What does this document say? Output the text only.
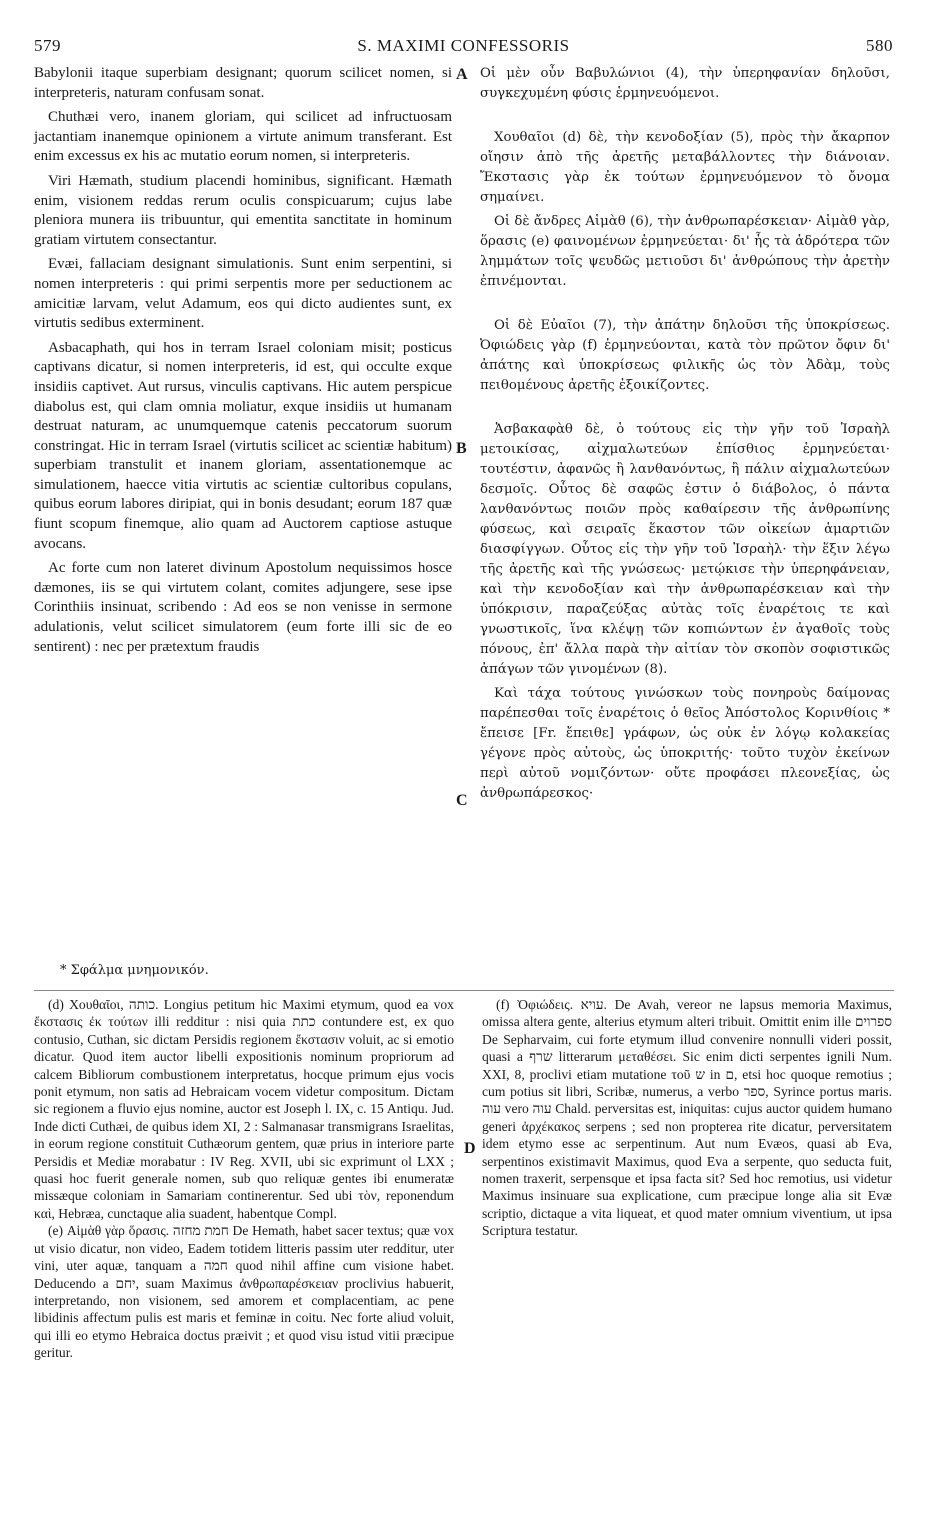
579	S. MAXIMI CONFESSORIS	580

Babylonii itaque superbiam designant; quorum scilicet nomen, si interpreteris, naturam confusam sonat.

Chuthæi vero, inanem gloriam, qui scilicet ad infructuosam jactantiam inanemque opinionem a virtute animum transferant. Est enim excessus ex his ac mutatio eorum nomen, si interpreteris.

Viri Hæmath, studium placendi hominibus, significant. Hæmath enim, visionem reddas rerum oculis conspicuarum; cujus labe pleniora munera iis tribuuntur, qui ementita sanctitate in hominum gratiam virtutem consectantur.

Evæi, fallaciam designant simulationis. Sunt enim serpentini, si nomen interpreteris : qui primi serpentis more per seductionem ac amicitiæ larvam, velut Adamum, eos qui dicto audientes sunt, ex virtutis sedibus exterminent.

Asbacaphath, qui hos in terram Israel coloniam misit; posticus captivans dicatur, si nomen interpreteris, id est, qui occulte exque insidiis captivet. Aut rursus, vinculis captivans. Hic autem perspicue diabolus est, qui clam omnia moliatur, exque insidiis ut humanam destruat naturam, ac unumquemque catenis peccatorum suorum constringat. Hic in terram Israel (virtutis scilicet ac scientiæ habitum) superbiam transtulit et inanem gloriam, assentationemque ac simulationem, haecce vitia virtutis ac scientiæ cultoribus copulans, quibus eorum labores diripiat, qui in bonis desudant; eorum 187 quæ fiunt scopum finemque, alio quam ad Auctorem captiose astuque avocans.

Ac forte cum non lateret divinum Apostolum nequissimos hosce dæmones, iis se qui virtutem colant, comites adjungere, sese ipse Corinthiis insinuat, scribendo : Ad eos se non venisse in sermone adulationis, velut scilicet simulatorem (eum forte illi sic de eo sentirent) : nec per prætextum fraudis

A
B
C
D

Οἱ μὲν οὖν Βαβυλώνιοι (4), τὴν ὑπερηφανίαν δηλοῦσι, συγκεχυμένη φύσις ἑρμηνευόμενοι.

Χουθαῖοι (d) δὲ, τὴν κενοδοξίαν (5), πρὸς τὴν ἄκαρπον οἴησιν ἀπὸ τῆς ἀρετῆς μεταβάλλοντες τὴν διάνοιαν. Ἔκστασις γὰρ ἐκ τούτων ἑρμηνευόμενον τὸ ὄνομα σημαίνει.

Οἱ δὲ ἄνδρες Αἱμὰθ (6), τὴν ἀνθρωπαρέσκειαν· Αἱμὰθ γὰρ, ὅρασις (e) φαινομένων ἑρμηνεύεται· δι' ἧς τὰ ἁδρότερα τῶν λημμάτων τοῖς ψευδῶς μετιοῦσι δι' ἀνθρώπους τὴν ἀρετὴν ἐπινέμονται.

Οἱ δὲ Εὐαῖοι (7), τὴν ἀπάτην δηλοῦσι τῆς ὑποκρίσεως. Ὀφιώδεις γὰρ (f) ἑρμηνεύονται, κατὰ τὸν πρῶτον ὄφιν δι' ἀπάτης καὶ ὑποκρίσεως φιλικῆς ὡς τὸν Ἀδὰμ, τοὺς πειθομένους ἀρετῆς ἐξοικίζοντες.

Ἀσβακαφὰθ δὲ, ὁ τούτους εἰς τὴν γῆν τοῦ Ἰσραὴλ μετοικίσας, αἰχμαλωτεύων ἐπίσθιος ἑρμηνεύεται· τουτέστιν, ἀφανῶς ἢ λανθανόντως, ἢ πάλιν αἰχμαλωτεύων δεσμοῖς. Οὗτος δὲ σαφῶς ἐστιν ὁ διάβολος, ὁ πάντα λανθανόντως ποιῶν πρὸς καθαίρεσιν τῆς ἀνθρωπίνης φύσεως, καὶ σειραῖς ἕκαστον τῶν οἰκείων ἁμαρτιῶν διασφίγγων. Οὗτος εἰς τὴν γῆν τοῦ Ἰσραὴλ· τὴν ἕξιν λέγω τῆς ἀρετῆς καὶ τῆς γνώσεως· μετῴκισε τὴν ὑπερηφάνειαν, καὶ τὴν κενοδοξίαν καὶ τὴν ἀνθρωπαρέσκειαν καὶ τὴν ὑπόκρισιν, παραζεύξας αὐτὰς τοῖς ἐναρέτοις τε καὶ γνωστικοῖς, ἵνα κλέψῃ τῶν κοπιώντων ἐν ἀγαθοῖς τοὺς πόνους, ἐπ' ἄλλα παρὰ τὴν αἰτίαν τὸν σκοπὸν σοφιστικῶς ἀπάγων τῶν γινομένων (8).

Καὶ τάχα τούτους γινώσκων τοὺς πονηροὺς δαίμονας παρέπεσθαι τοῖς ἐναρέτοις ὁ θεῖος Ἀπόστολος Κορινθίοις * ἔπεισε [Fr. ἔπειθε] γράφων, ὡς οὐκ ἐν λόγῳ κολακείας γέγονε πρὸς αὐτοὺς, ὡς ὑποκριτής· τοῦτο τυχὸν ἐκείνων περὶ αὐτοῦ νομιζόντων· οὔτε προφάσει πλεονεξίας, ὡς ἀνθρωπάρεσκος·

* Σφάλμα μνημονικόν.

(d) Χουθαῖοι, כותה. Longius petitum hic Maximi etymum, quod ea vox ἔκστασις ἐκ τούτων illi redditur : nisi quia כתת contundere est, ex quo contusio, Cuthan, sic dictam Persidis regionem ἔκστασιν voluit, ac si emotio dicatur. Quod item auctor libelli expositionis nominum propriorum ad calcem Bibliorum combustionem interpretatus, hocque primum ejus vocis ponit etymum, non satis ad Hebraicam vocem videtur compositum. Dictam sic regionem a fluvio ejus nomine, auctor est Joseph l. IX, c. 15 Antiqu. Jud. Inde dicti Cuthæi, de quibus idem XI, 2 : Salmanasar transmigrans Israelitas, in eorum regione constituit Cuthæorum gentem, quæ prius in interiore parte Persidis et Mediæ morabatur : IV Reg. XVII, ubi sic exprimunt ol LXX ; quasi hoc fuerit generale nomen, sub quo reliquæ gentes ibi enumeratæ missæque coloniam in Samariam continerentur. Sed ubi τὸν, reponendum καὶ, Hebræa, cunctaque alia suadent, habentque Compl.

(e) Αἱμὰθ γὰρ ὅρασις. חמת מחזה De Hemath, habet sacer textus; quæ vox ut visio dicatur, non video, Eadem totidem litteris passim uter redditur, uter vini, uter aquæ, tanquam a חמה quod nihil affine cum visione habet. Deducendo a יחם, suam Maximus ἀνθρωπαρέσκειαν proclivius habuerit, interpretando, non visionem, sed amorem et complacentiam, ac pene libidinis affectum pulis est maris et feminæ in coitu. Nec forte aliud voluit, qui illi eo etymo Hebraica doctus præivit ; et quod visu istud vitii præcipue geritur.

(f) Ὀφιώδεις. עויא. De Avah, vereor ne lapsus memoria Maximus, omissa altera gente, alterius etymum alteri tribuit. Omittit enim ille ספרוים De Sepharvaim, cui forte etymum illud convenire nonnulli videri possit, quasi a שרף litterarum μεταθέσει. Sic enim dicti serpentes ignili Num. XXI, 8, proclivi etiam mutatione τοῦ ש in ם, etsi hoc quoque remotius ; cum potius sit libri, Scribæ, numerus, a verbo ספר, Syrince portus maris. עוה vero עוה Chald. perversitas est, iniquitas: cujus auctor quidem humano generi ἀρχέκακος serpens ; sed non propterea rite dicatur, perversitatem idem etymo esse ac serpentinum. Aut num Evæos, quasi ab Eva, serpentinos existimavit Maximus, quod Eva a serpente, quo seducta fuit, nomen traxerit, serpensque et ipsa facta sit? Sed hoc remotius, usi videtur Maximus insinuare sua explicatione, cum præcipue longe alia sit Evæ scriptio, dictaque a vita liqueat, et quod mater omnium viventium, ut ipsa Scriptura testatur.
